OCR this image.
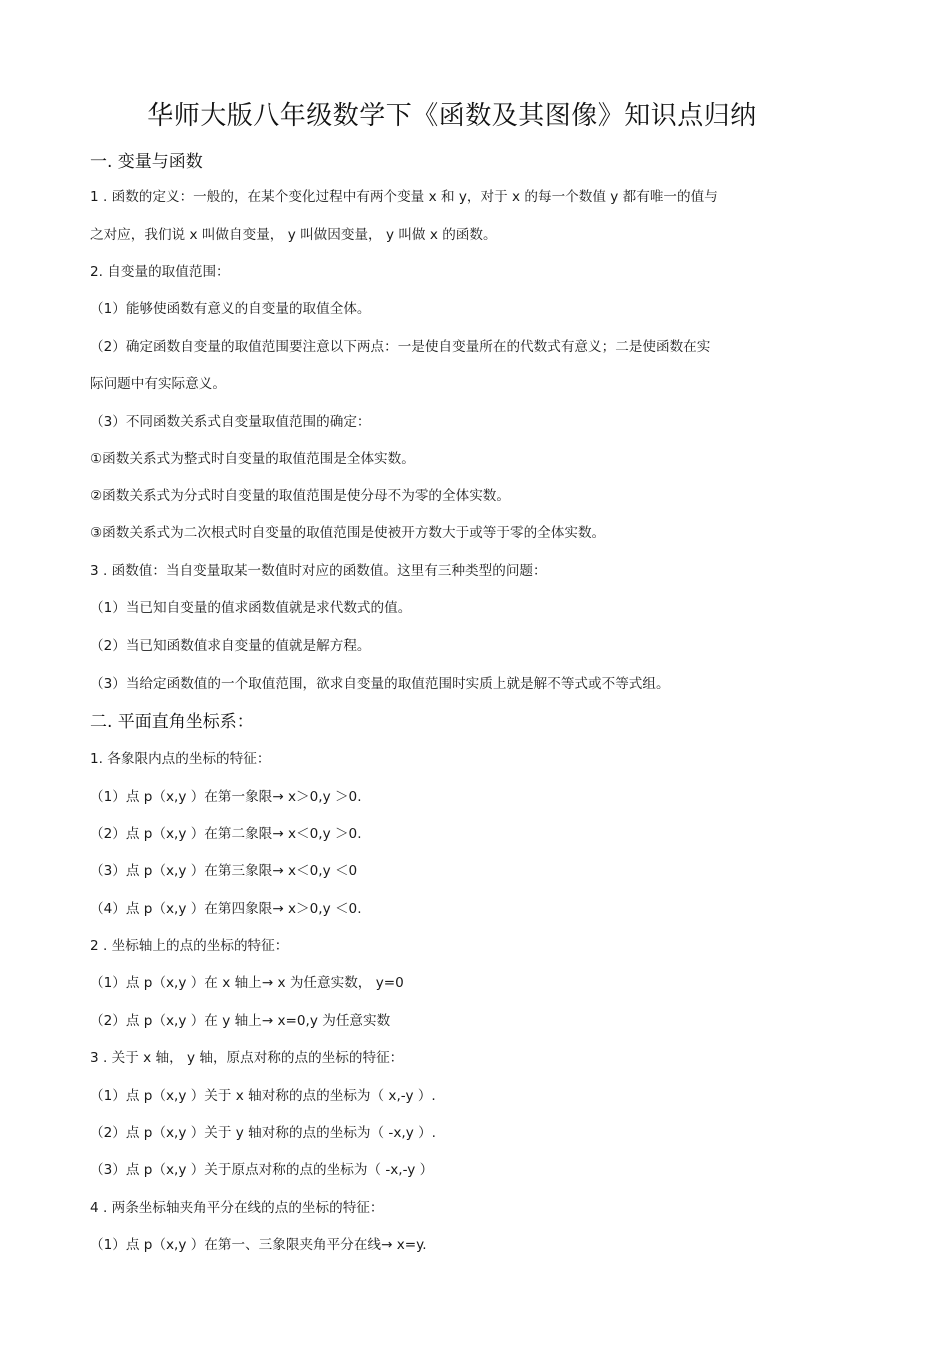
华师大版八年级数学下《函数及其图像》知识点归纳
一. 变量与函数
1 . 函数的定义：一般的，在某个变化过程中有两个变量 x 和 y，对于 x 的每一个数值 y 都有唯一的值与
之对应，我们说 x 叫做自变量， y 叫做因变量， y 叫做 x 的函数。
2. 自变量的取值范围：
（1）能够使函数有意义的自变量的取值全体。
（2）确定函数自变量的取值范围要注意以下两点：一是使自变量所在的代数式有意义；二是使函数在实
际问题中有实际意义。
（3）不同函数关系式自变量取值范围的确定：
①函数关系式为整式时自变量的取值范围是全体实数。
②函数关系式为分式时自变量的取值范围是使分母不为零的全体实数。
③函数关系式为二次根式时自变量的取值范围是使被开方数大于或等于零的全体实数。
3 . 函数值：当自变量取某一数值时对应的函数值。这里有三种类型的问题：
（1）当已知自变量的值求函数值就是求代数式的值。
（2）当已知函数值求自变量的值就是解方程。
（3）当给定函数值的一个取值范围，欲求自变量的取值范围时实质上就是解不等式或不等式组。
二. 平面直角坐标系：
1. 各象限内点的坐标的特征：
（1）点 p（x,y ）在第一象限→ x＞0,y ＞0.
（2）点 p（x,y ）在第二象限→ x＜0,y ＞0.
（3）点 p（x,y ）在第三象限→ x＜0,y ＜0
（4）点 p（x,y ）在第四象限→ x＞0,y ＜0.
2 . 坐标轴上的点的坐标的特征：
（1）点 p（x,y ）在 x 轴上→ x 为任意实数， y=0
（2）点 p（x,y ）在 y 轴上→ x=0,y 为任意实数
3 . 关于 x 轴， y 轴，原点对称的点的坐标的特征：
（1）点 p（x,y ）关于 x 轴对称的点的坐标为（ x,-y ）.
（2）点 p（x,y ）关于 y 轴对称的点的坐标为（ -x,y ）.
（3）点 p（x,y ）关于原点对称的点的坐标为（ -x,-y ）
4 . 两条坐标轴夹角平分在线的点的坐标的特征：
（1）点 p（x,y ）在第一、三象限夹角平分在线→ x=y.
